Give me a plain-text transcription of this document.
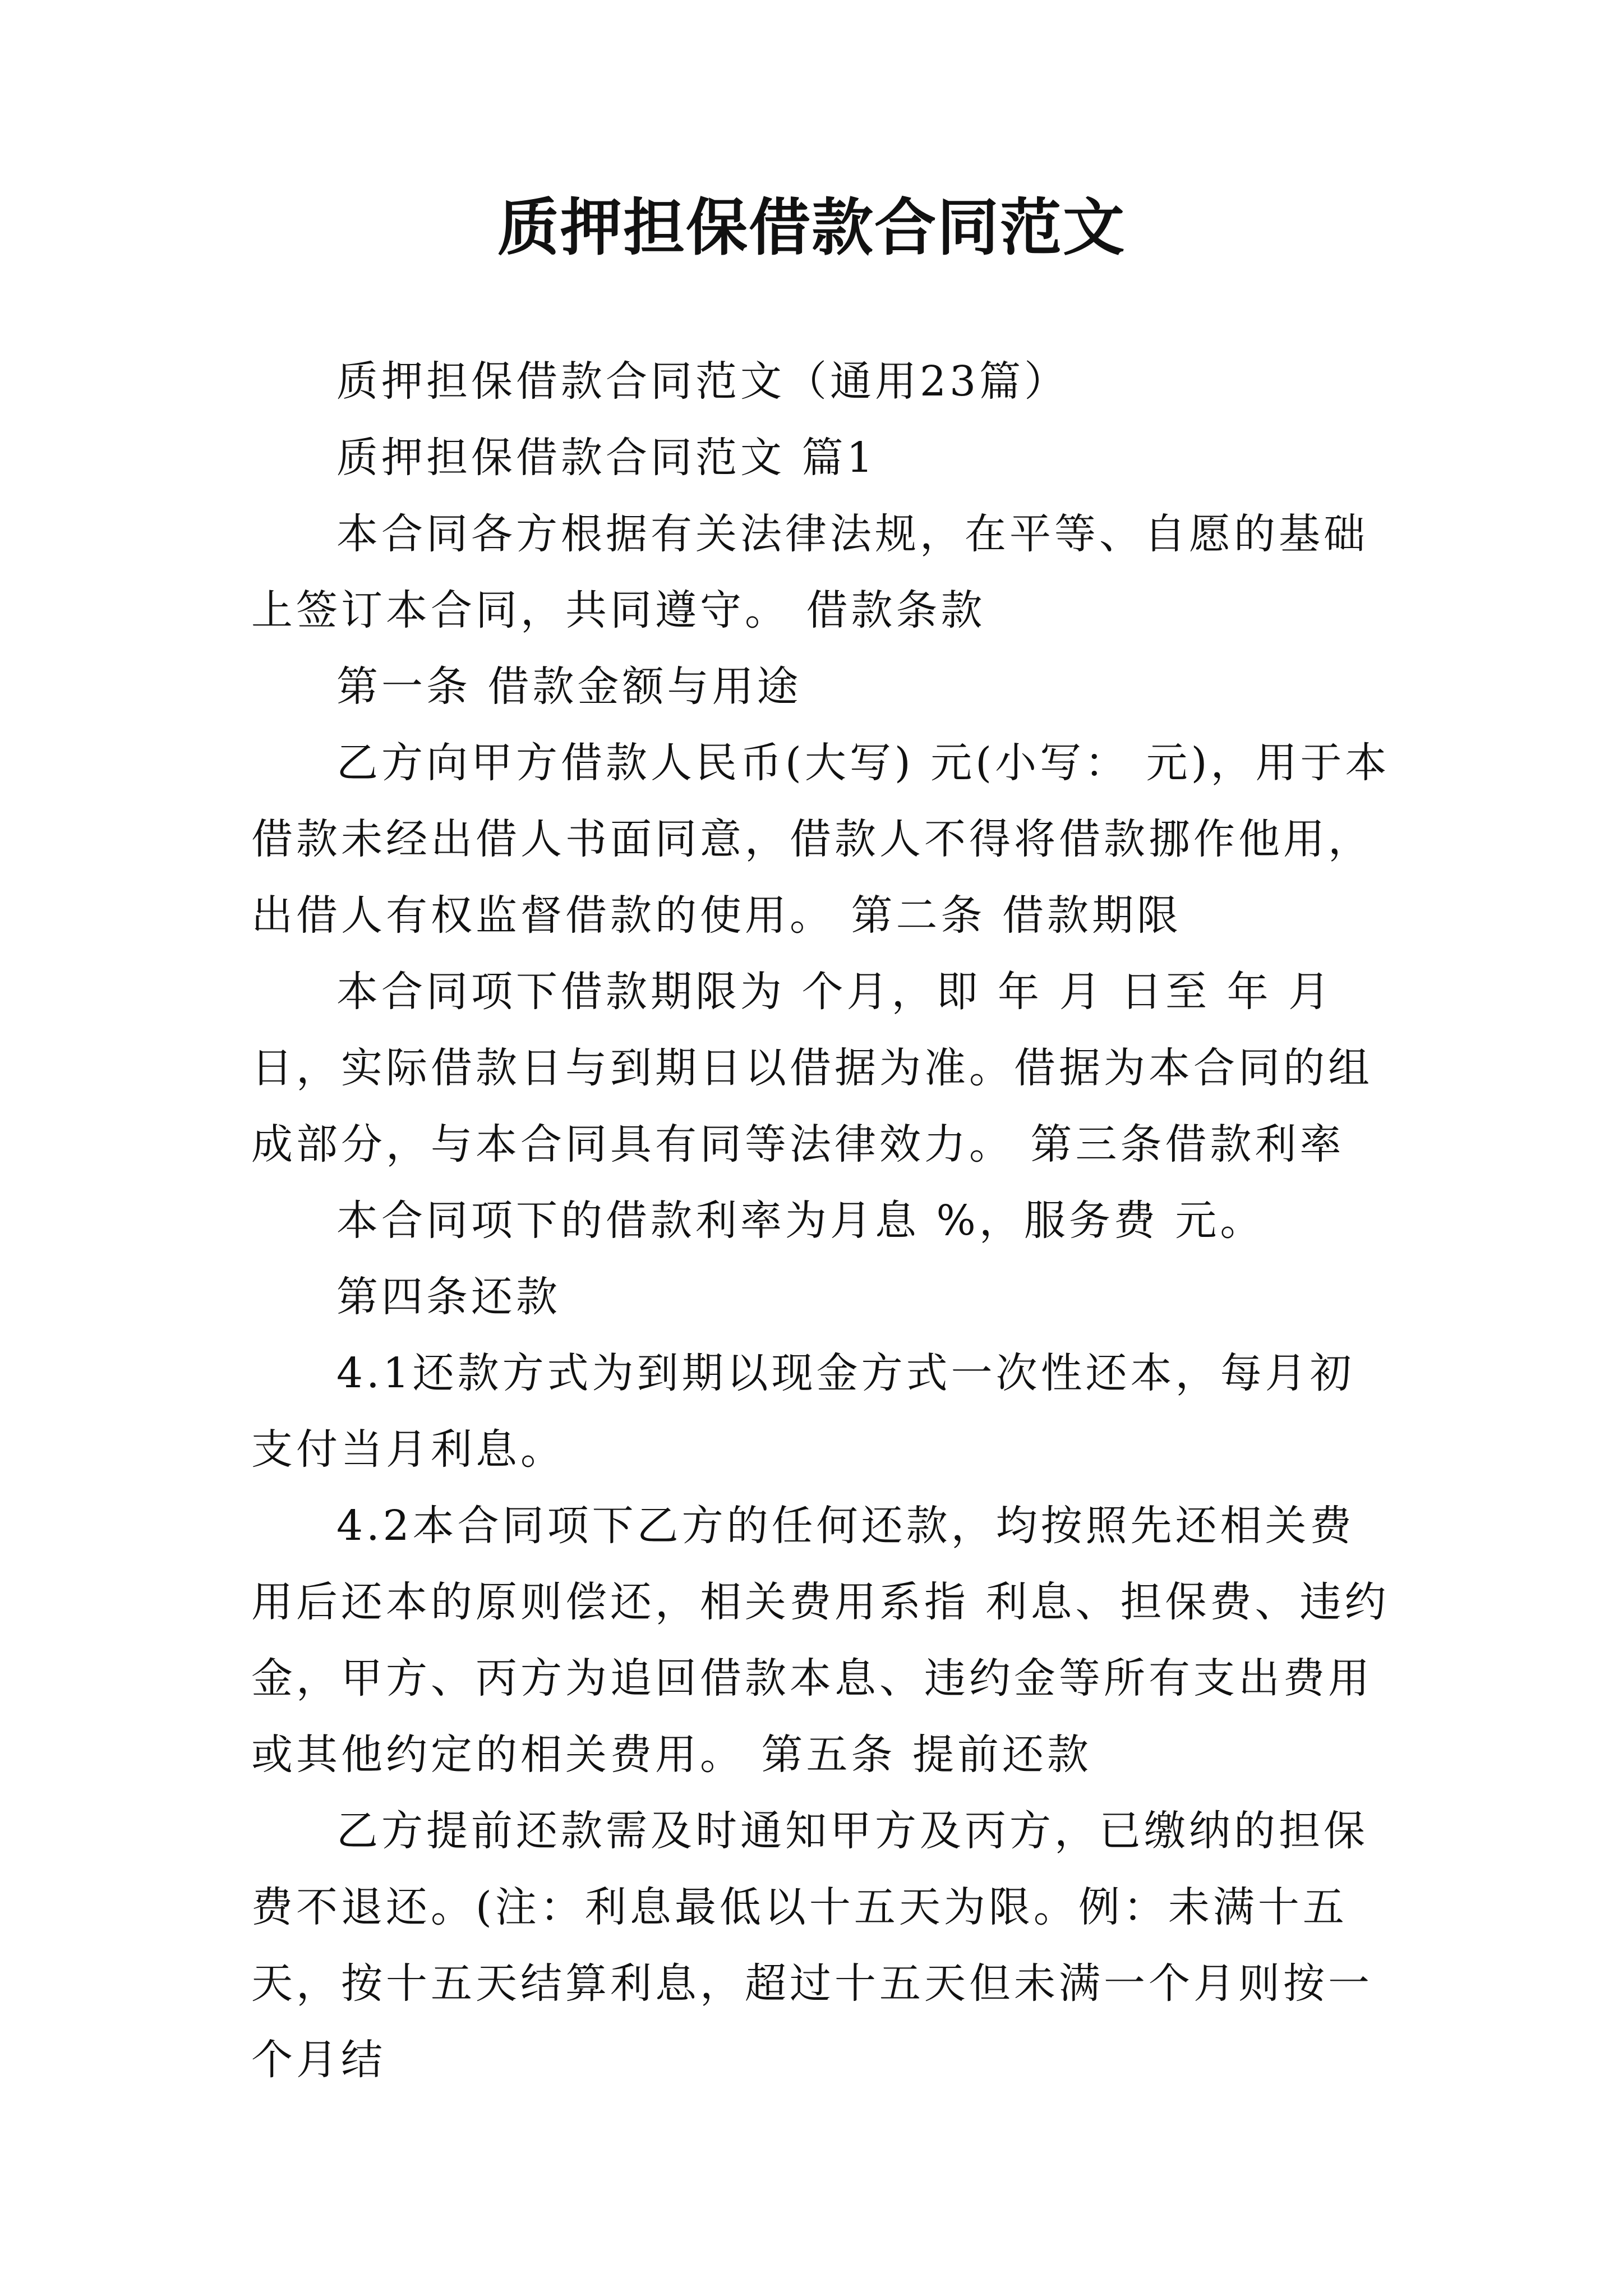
质押担保借款合同范文

质押担保借款合同范文（通用23篇）

质押担保借款合同范文 篇1

本合同各方根据有关法律法规，在平等、自愿的基础上签订本合同，共同遵守。 借款条款

第一条 借款金额与用途

乙方向甲方借款人民币(大写) 元(小写： 元)，用于本借款未经出借人书面同意，借款人不得将借款挪作他用，出借人有权监督借款的使用。 第二条 借款期限

本合同项下借款期限为 个月，即 年 月 日至 年 月日，实际借款日与到期日以借据为准。借据为本合同的组成部分，与本合同具有同等法律效力。 第三条借款利率

本合同项下的借款利率为月息 %，服务费 元。

第四条还款

4.1还款方式为到期以现金方式一次性还本，每月初支付当月利息。

4.2本合同项下乙方的任何还款，均按照先还相关费用后还本的原则偿还，相关费用系指 利息、担保费、违约金，甲方、丙方为追回借款本息、违约金等所有支出费用或其他约定的相关费用。 第五条 提前还款

乙方提前还款需及时通知甲方及丙方，已缴纳的担保费不退还。(注：利息最低以十五天为限。例：未满十五天，按十五天结算利息，超过十五天但未满一个月则按一个月结
